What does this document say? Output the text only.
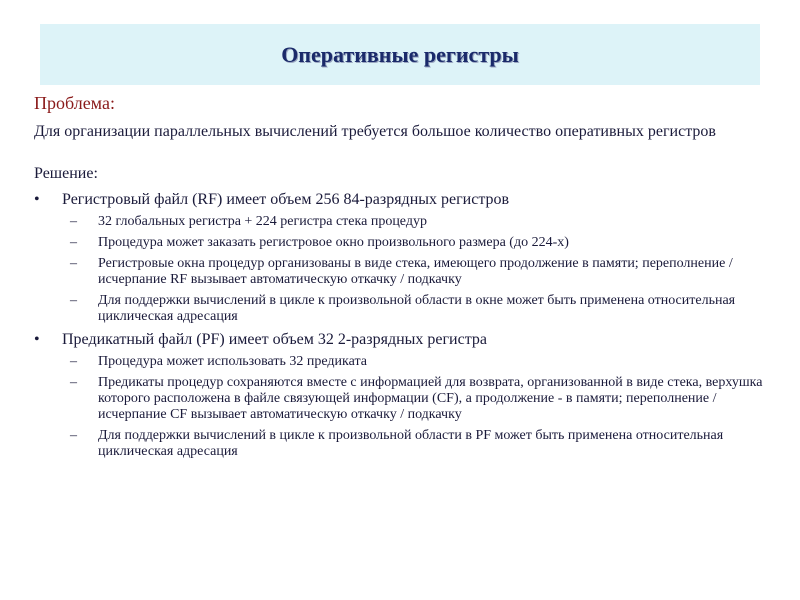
Оперативные регистры
Проблема:

Для организации параллельных вычислений требуется большое количество оперативных регистров

Решение:
•	Регистровый файл (RF) имеет объем 256 84-разрядных регистров
– 32 глобальных регистра + 224 регистра стека процедур
– Процедура может заказать регистровое окно произвольного размера (до 224-х)
– Регистровые окна процедур организованы в виде стека, имеющего продолжение в памяти; переполнение / исчерпание RF вызывает автоматическую откачку / подкачку
– Для поддержки вычислений в цикле к произвольной области в окне может быть применена относительная циклическая адресация
•	Предикатный файл (PF) имеет объем 32 2-разрядных регистра
– Процедура может использовать 32 предиката
– Предикаты процедур сохраняются вместе с информацией для возврата, организованной в виде стека, верхушка которого расположена в файле связующей информации (CF), а продолжение - в памяти; переполнение / исчерпание CF вызывает автоматическую откачку / подкачку
– Для поддержки вычислений в цикле к произвольной области в PF может быть применена относительная циклическая адресация
